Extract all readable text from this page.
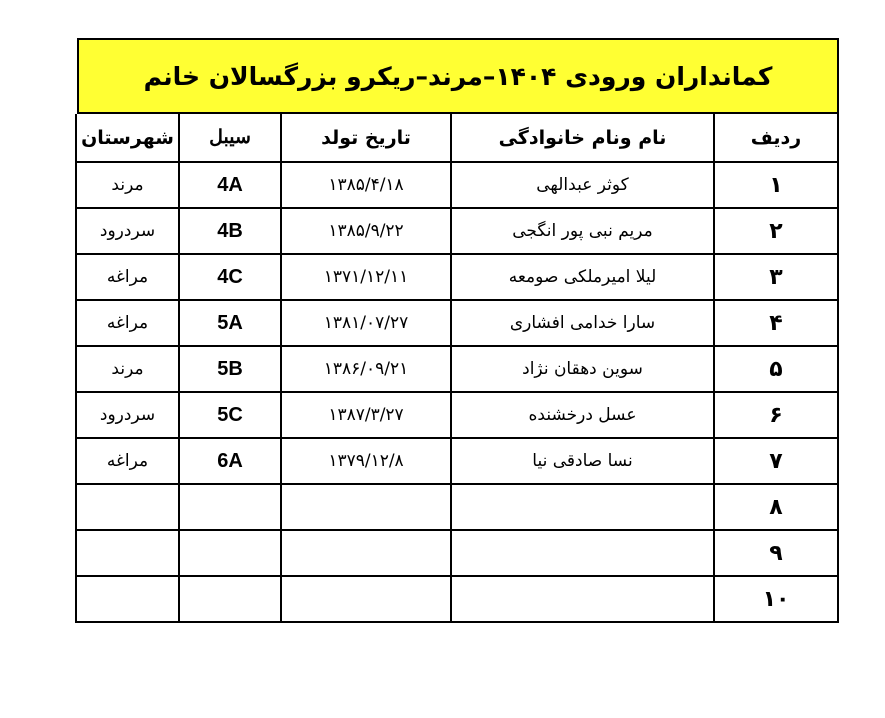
کمانداران ورودی ۱۴۰۴–مرند–ریکرو بزرگسالان خانم
ردیف	نام ونام خانوادگی	تاریخ تولد	سیبل	شهرستان
۱	کوثر عبدالهی	۱۳۸۵/۴/۱۸	4A	مرند
۲	مریم نبی پور انگجی	۱۳۸۵/۹/۲۲	4B	سردرود
۳	لیلا امیرملکی صومعه	۱۳۷۱/۱۲/۱۱	4C	مراغه
۴	سارا خدامی افشاری	۱۳۸۱/۰۷/۲۷	5A	مراغه
۵	سوین دهقان نژاد	۱۳۸۶/۰۹/۲۱	5B	مرند
۶	عسل درخشنده	۱۳۸۷/۳/۲۷	5C	سردرود
۷	نسا صادقی نیا	۱۳۷۹/۱۲/۸	6A	مراغه
۸				
۹				
۱۰				
